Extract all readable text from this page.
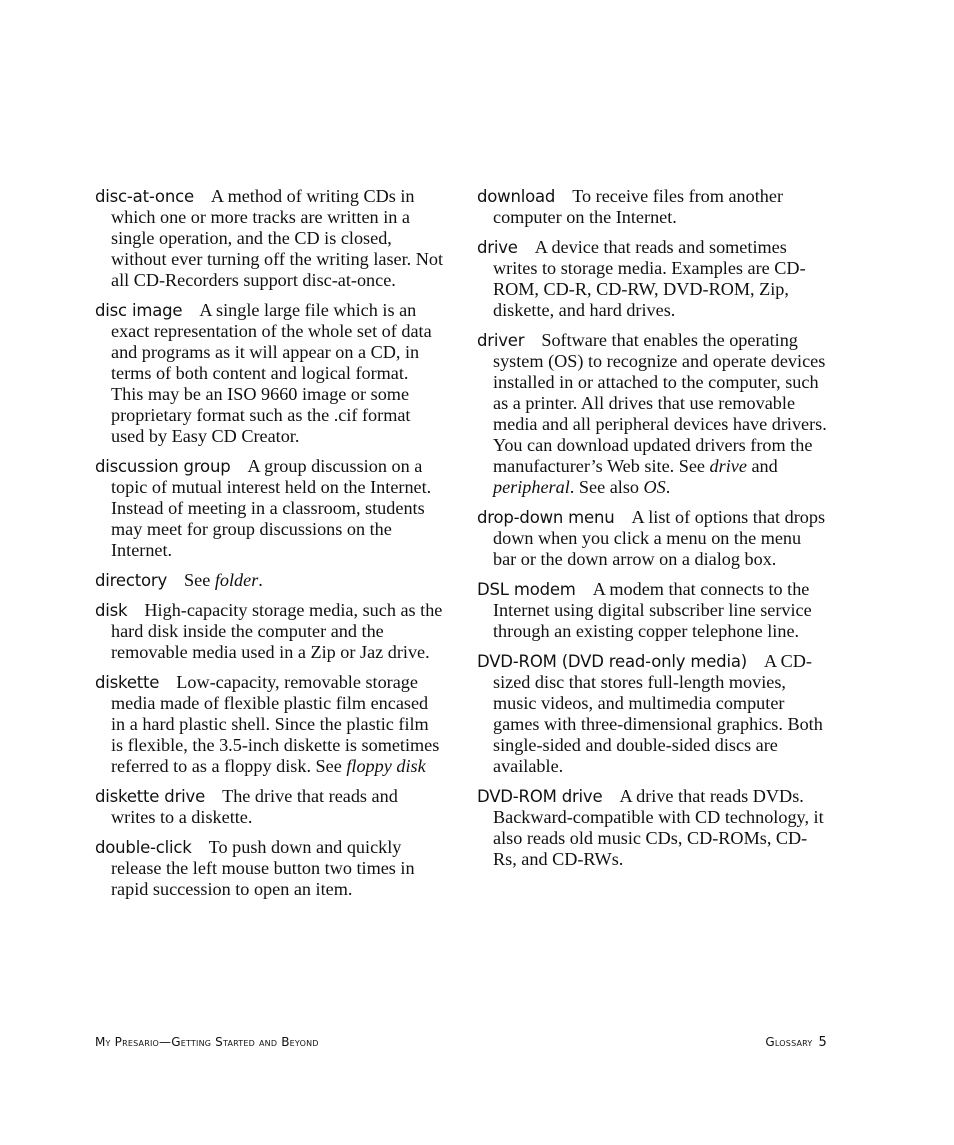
disc-at-once A method of writing CDs in which one or more tracks are written in a single operation, and the CD is closed, without ever turning off the writing laser. Not all CD-Recorders support disc-at-once.

disc image A single large file which is an exact representation of the whole set of data and programs as it will appear on a CD, in terms of both content and logical format. This may be an ISO 9660 image or some proprietary format such as the .cif format used by Easy CD Creator.

discussion group A group discussion on a topic of mutual interest held on the Internet. Instead of meeting in a classroom, students may meet for group discussions on the Internet.

directory See folder.

disk High-capacity storage media, such as the hard disk inside the computer and the removable media used in a Zip or Jaz drive.

diskette Low-capacity, removable storage media made of flexible plastic film encased in a hard plastic shell. Since the plastic film is flexible, the 3.5-inch diskette is sometimes referred to as a floppy disk. See floppy disk

diskette drive The drive that reads and writes to a diskette.

double-click To push down and quickly release the left mouse button two times in rapid succession to open an item.

download To receive files from another computer on the Internet.

drive A device that reads and sometimes writes to storage media. Examples are CD-ROM, CD-R, CD-RW, DVD-ROM, Zip, diskette, and hard drives.

driver Software that enables the operating system (OS) to recognize and operate devices installed in or attached to the computer, such as a printer. All drives that use removable media and all peripheral devices have drivers. You can download updated drivers from the manufacturer’s Web site. See drive and peripheral. See also OS.

drop-down menu A list of options that drops down when you click a menu on the menu bar or the down arrow on a dialog box.

DSL modem A modem that connects to the Internet using digital subscriber line service through an existing copper telephone line.

DVD-ROM (DVD read-only media) A CD-sized disc that stores full-length movies, music videos, and multimedia computer games with three-dimensional graphics. Both single-sided and double-sided discs are available.

DVD-ROM drive A drive that reads DVDs. Backward-compatible with CD technology, it also reads old music CDs, CD-ROMs, CD-Rs, and CD-RWs.

My Presario—Getting Started and Beyond	Glossary 5
